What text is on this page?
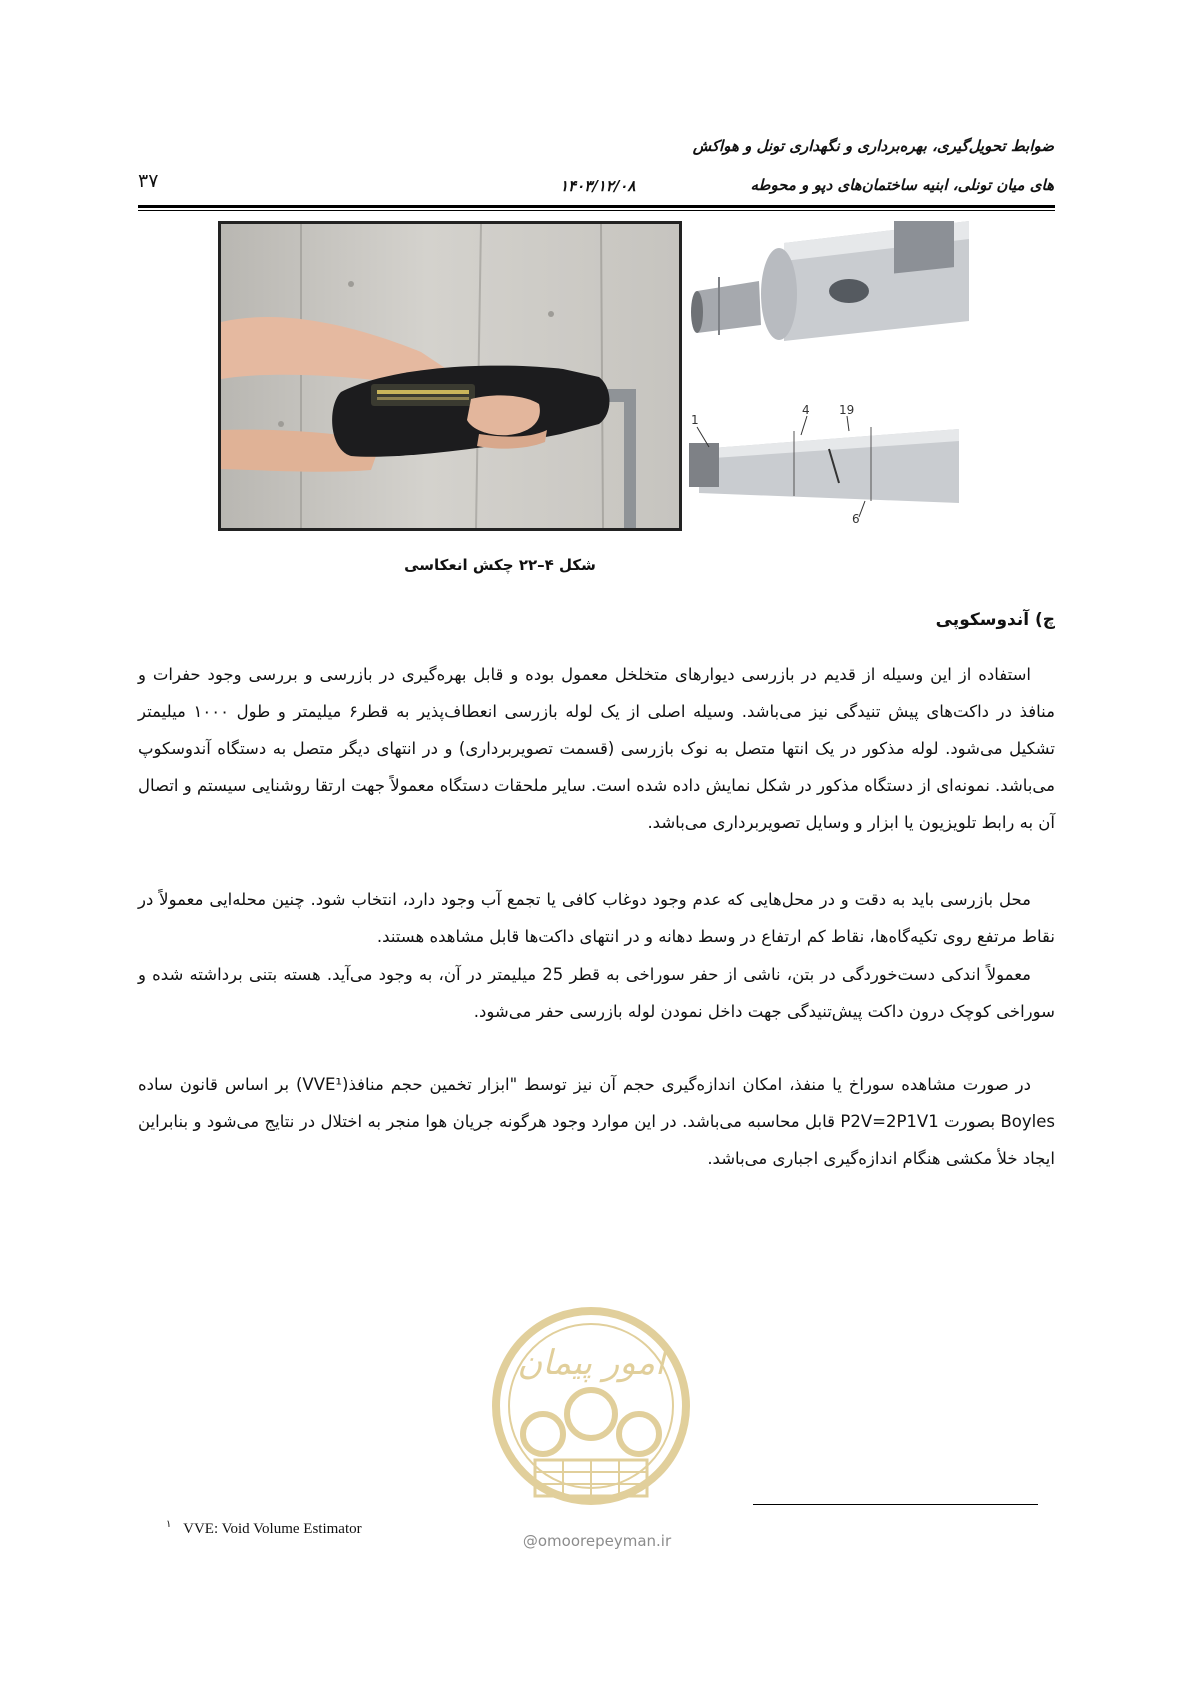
ضوابط تحویل‌گیری، بهره‌برداری و نگهداری تونل و هواکش
های میان تونلی، ابنیه ساختمان‌های دپو و محوطه
۱۴۰۳/۱۲/۰۸
۳۷
1
4 19
6
شکل ۴–۲۲ چکش انعکاسی
چ) آندوسکوپی
استفاده از این وسیله از قدیم در بازرسی دیوارهای متخلخل معمول بوده و قابل بهره‌گیری در بازرسی و بررسی وجود حفرات و منافذ در داکت‌های پیش تنیدگی نیز می‌باشد. وسیله اصلی از یک لوله بازرسی انعطاف‌پذیر به قطر۶ میلیمتر و طول ۱۰۰۰ میلیمتر تشکیل می‌شود. لوله مذکور در یک انتها متصل به نوک بازرسی (قسمت تصویربرداری) و در انتهای دیگر متصل به دستگاه آندوسکوپ می‌باشد. نمونه‌ای از دستگاه مذکور در شکل نمایش داده شده است. سایر ملحقات دستگاه معمولاً جهت ارتقا روشنایی سیستم و اتصال آن به رابط تلویزیون یا ابزار و وسایل تصویربرداری می‌باشد.
محل بازرسی باید به دقت و در محل‌هایی که عدم وجود دوغاب کافی یا تجمع آب وجود دارد، انتخاب شود. چنین محله‌ایی معمولاً در نقاط مرتفع روی تکیه‌گاه‌ها، نقاط کم ارتفاع در وسط دهانه و در انتهای داکت‌ها قابل مشاهده هستند.
معمولاً اندکی دست‌خوردگی در بتن، ناشی از حفر سوراخی به قطر 25 میلیمتر در آن، به وجود می‌آید. هسته بتنی برداشته شده و سوراخی کوچک درون داکت پیش‌تنیدگی جهت داخل نمودن لوله بازرسی حفر می‌شود.
در صورت مشاهده سوراخ یا منفذ، امکان اندازه‌گیری حجم آن نیز توسط "ابزار تخمین حجم منافذ(VVE¹) بر اساس قانون ساده Boyles بصورت P2V=2P1V1 قابل محاسبه می‌باشد. در این موارد وجود هرگونه جریان هوا منجر به اختلال در نتایج می‌شود و بنابراین ایجاد خلأ مکشی هنگام اندازه‌گیری اجباری می‌باشد.
امور پیمان
@omoorepeyman.ir
$^۱$ VVE: Void Volume Estimator
